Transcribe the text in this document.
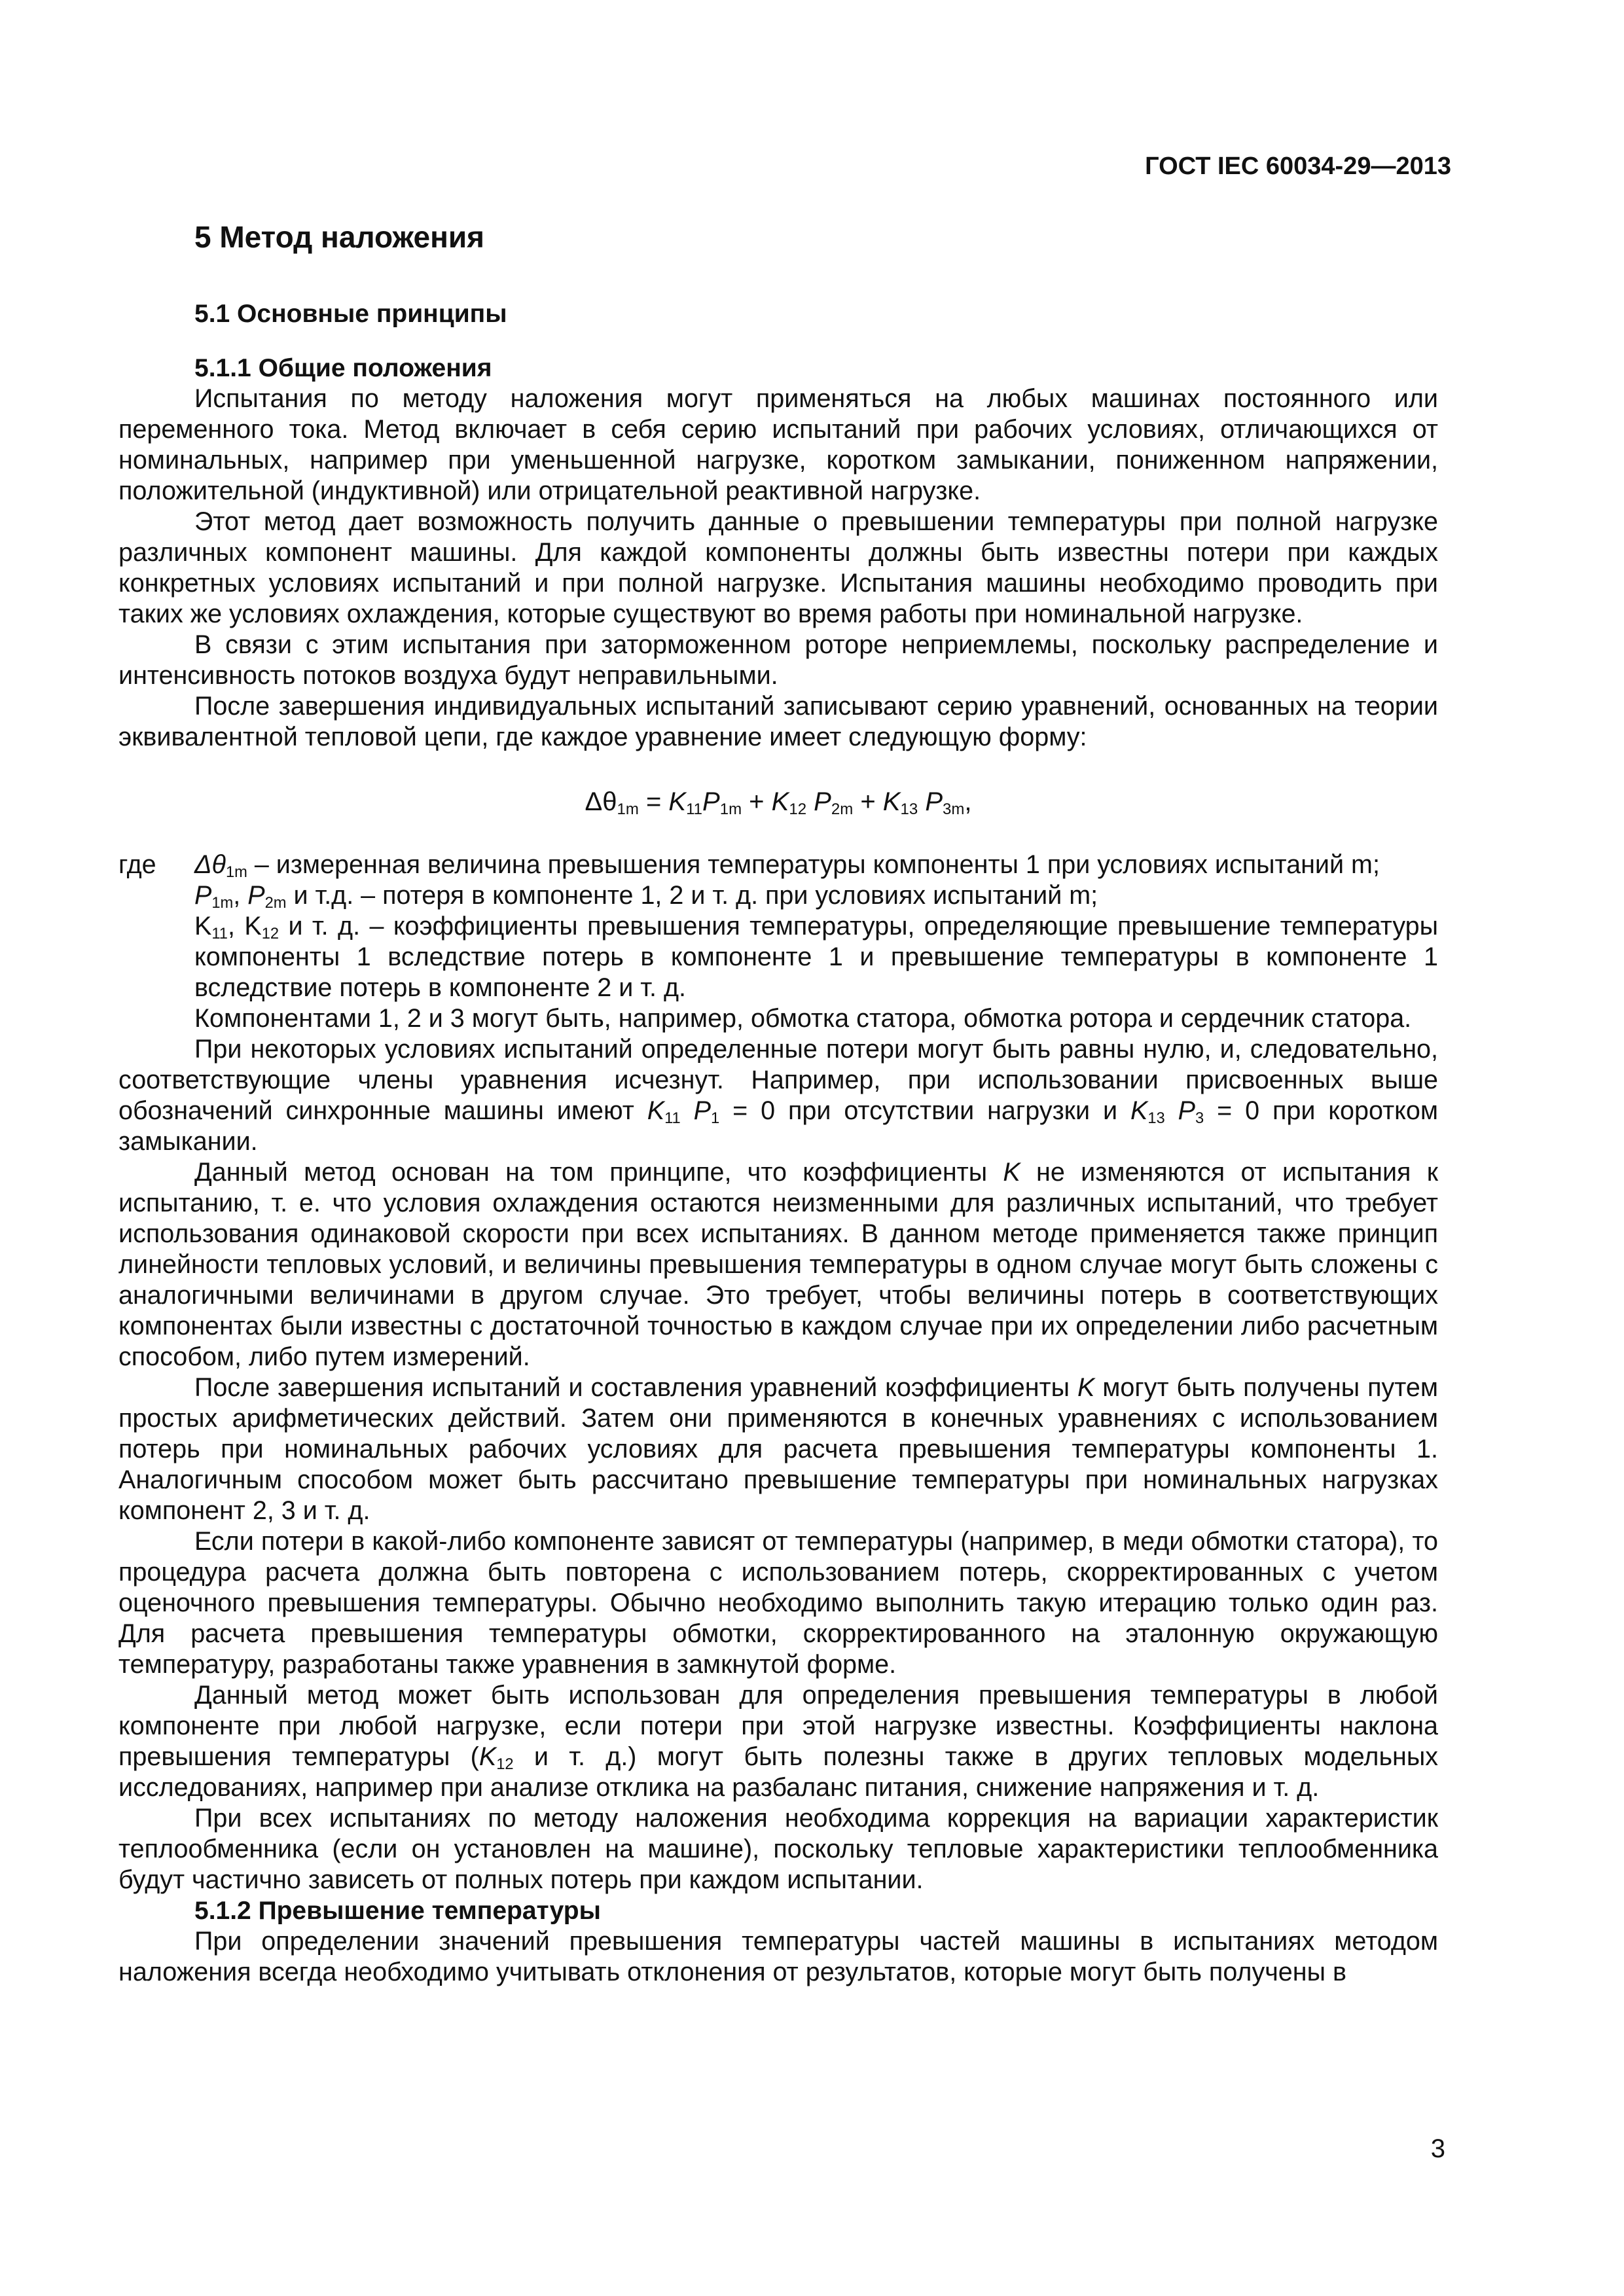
ГОСТ IEC 60034-29—2013
5 Метод наложения
5.1 Основные принципы
5.1.1 Общие положения

Испытания по методу наложения могут применяться на любых машинах постоянного или переменного тока. Метод включает в себя серию испытаний при рабочих условиях, отличающихся от номинальных, например при уменьшенной нагрузке, коротком замыкании, пониженном напряжении, положительной (индуктивной) или отрицательной реактивной нагрузке.

Этот метод дает возможность получить данные о превышении температуры при полной нагрузке различных компонент машины. Для каждой компоненты должны быть известны потери при каждых конкретных условиях испытаний и при полной нагрузке. Испытания машины необходимо проводить при таких же условиях охлаждения, которые существуют во время работы при номинальной нагрузке.

В связи с этим испытания при заторможенном роторе неприемлемы, поскольку распределение и интенсивность потоков воздуха будут неправильными.

После завершения индивидуальных испытаний записывают серию уравнений, основанных на теории эквивалентной тепловой цепи, где каждое уравнение имеет следующую форму:

$\Delta\theta_{1m} = K_{11}P_{1m} + K_{12}$ $P_{2m} + K_{13}$ $P_{3m}$,
где	$\Delta\theta_{1m}$ – измеренная величина превышения температуры компоненты 1 при условиях испытаний m;

$P_{1m}$, $P_{2m}$ и т.д. – потеря в компоненте 1, 2 и т. д. при условиях испытаний m;

$K_{11}$, $K_{12}$ и т. д. – коэффициенты превышения температуры, определяющие превышение температуры компоненты 1 вследствие потерь в компоненте 1 и превышение температуры в компоненте 1 вследствие потерь в компоненте 2 и т. д.

Компонентами 1, 2 и 3 могут быть, например, обмотка статора, обмотка ротора и сердечник статора.

При некоторых условиях испытаний определенные потери могут быть равны нулю, и, следовательно, соответствующие члены уравнения исчезнут. Например, при использовании присвоенных выше обозначений синхронные машины имеют $K_{11}$ $P_1 = 0$ при отсутствии нагрузки и $K_{13}$ $P_3 = 0$ при коротком замыкании.

Данный метод основан на том принципе, что коэффициенты K не изменяются от испытания к испытанию, т. е. что условия охлаждения остаются неизменными для различных испытаний, что требует использования одинаковой скорости при всех испытаниях. В данном методе применяется также принцип линейности тепловых условий, и величины превышения температуры в одном случае могут быть сложены с аналогичными величинами в другом случае. Это требует, чтобы величины потерь в соответствующих компонентах были известны с достаточной точностью в каждом случае при их определении либо расчетным способом, либо путем измерений.

После завершения испытаний и составления уравнений коэффициенты K могут быть получены путем простых арифметических действий. Затем они применяются в конечных уравнениях с использованием потерь при номинальных рабочих условиях для расчета превышения температуры компоненты 1. Аналогичным способом может быть рассчитано превышение температуры при номинальных нагрузках компонент 2, 3 и т. д.

Если потери в какой-либо компоненте зависят от температуры (например, в меди обмотки статора), то процедура расчета должна быть повторена с использованием потерь, скорректированных с учетом оценочного превышения температуры. Обычно необходимо выполнить такую итерацию только один раз. Для расчета превышения температуры обмотки, скорректированного на эталонную окружающую температуру, разработаны также уравнения в замкнутой форме.

Данный метод может быть использован для определения превышения температуры в любой компоненте при любой нагрузке, если потери при этой нагрузке известны. Коэффициенты наклона превышения температуры ($K_{12}$ и т. д.) могут быть полезны также в других тепловых модельных исследованиях, например при анализе отклика на разбаланс питания, снижение напряжения и т. д.

При всех испытаниях по методу наложения необходима коррекция на вариации характеристик теплообменника (если он установлен на машине), поскольку тепловые характеристики теплообменника будут частично зависеть от полных потерь при каждом испытании.

5.1.2 Превышение температуры

При определении значений превышения температуры частей машины в испытаниях методом наложения всегда необходимо учитывать отклонения от результатов, которые могут быть получены в

3
